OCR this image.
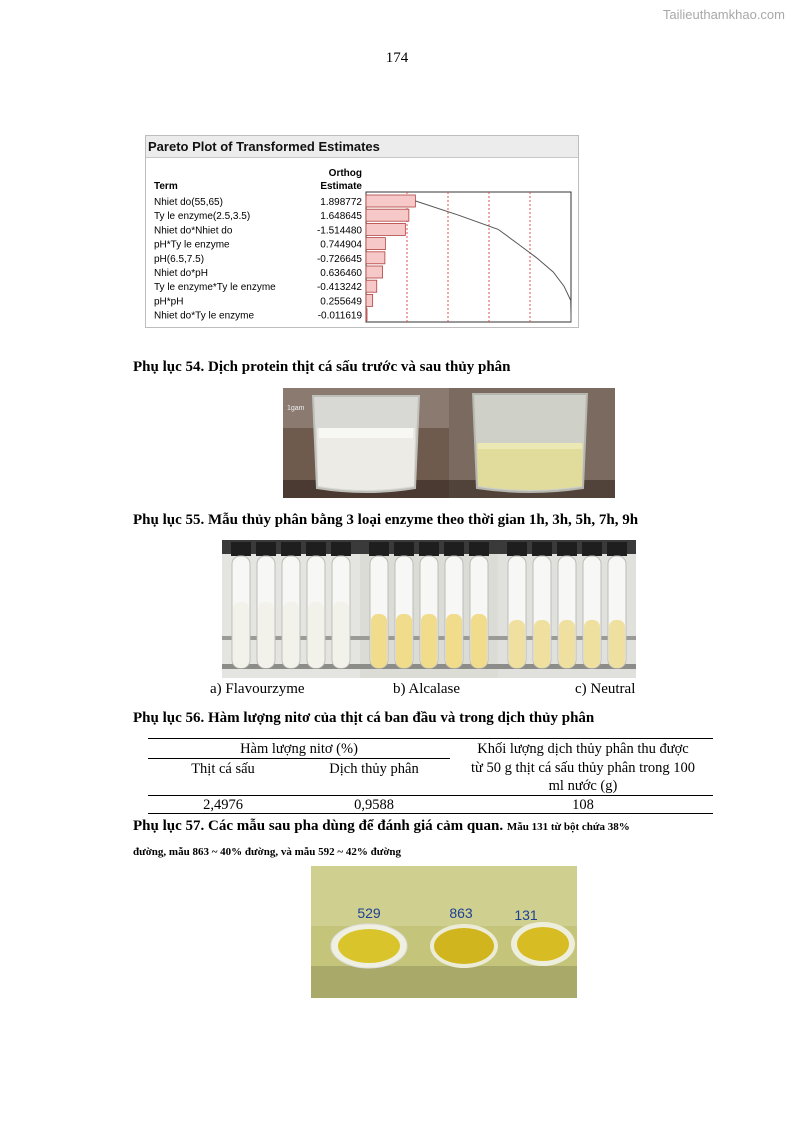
Tailieuthamkhao.com
174
Pareto Plot of Transformed Estimates
Orthog
Term	Estimate
Nhiet do(55,65)	1.898772
Ty le enzyme(2.5,3.5)	1.648645
Nhiet do*Nhiet do	-1.514480
pH*Ty le enzyme	0.744904
pH(6.5,7.5)	-0.726645
Nhiet do*pH	0.636460
Ty le enzyme*Ty le enzyme	-0.413242
pH*pH	0.255649
Nhiet do*Ty le enzyme	-0.011619
Phụ lục 54. Dịch protein thịt cá sấu trước và sau thủy phân
1gam
Phụ lục 55. Mẫu thủy phân bằng 3 loại enzyme theo thời gian 1h, 3h, 5h, 7h, 9h
a) Flavourzyme	b) Alcalase	c) Neutral
Phụ lục 56. Hàm lượng nitơ của thịt cá ban đầu và trong dịch thủy phân
Hàm lượng nitơ (%)
Thịt cá sấu	Dịch thủy phân
Khối lượng dịch thủy phân thu được
từ 50 g thịt cá sấu thủy phân trong 100
ml nước (g)
2,4976	0,9588	108
Phụ lục 57. Các mẫu sau pha dùng để đánh giá cảm quan. Mẫu 131 từ bột chứa 38%
đường, mẫu 863 ~ 40% đường, và mẫu 592 ~ 42% đường
529	863	131
